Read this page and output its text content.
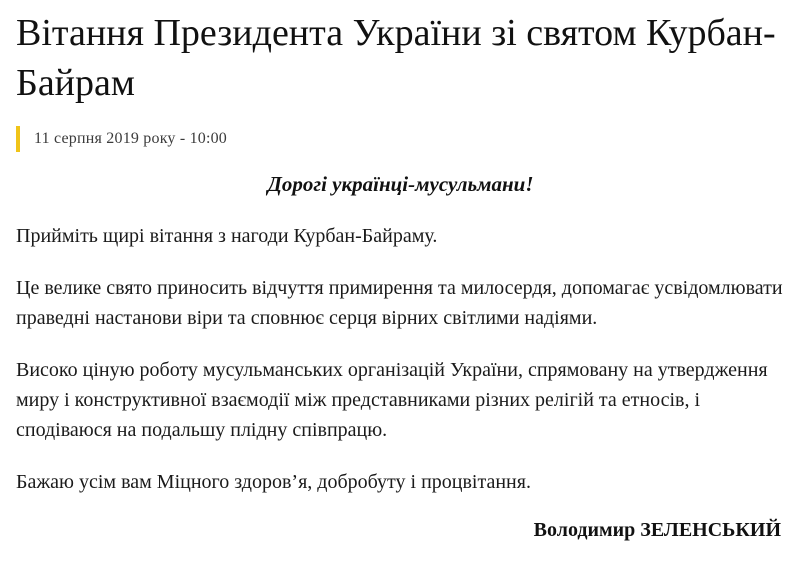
Вітання Президента України зі святом Курбан-Байрам
11 серпня 2019 року - 10:00

Дорогі українці-мусульмани!

Прийміть щирі вітання з нагоди Курбан-Байраму.

Це велике свято приносить відчуття примирення та милосердя, допомагає усвідомлювати праведні настанови віри та сповнює серця вірних світлими надіями.

Високо ціную роботу мусульманських організацій України, спрямовану на утвердження миру і конструктивної взаємодії між представниками різних релігій та етносів, і сподіваюся на подальшу плідну співпрацю.

Бажаю усім вам Міцного здоров’я, добробуту і процвітання.

Володимир ЗЕЛЕНСЬКИЙ
